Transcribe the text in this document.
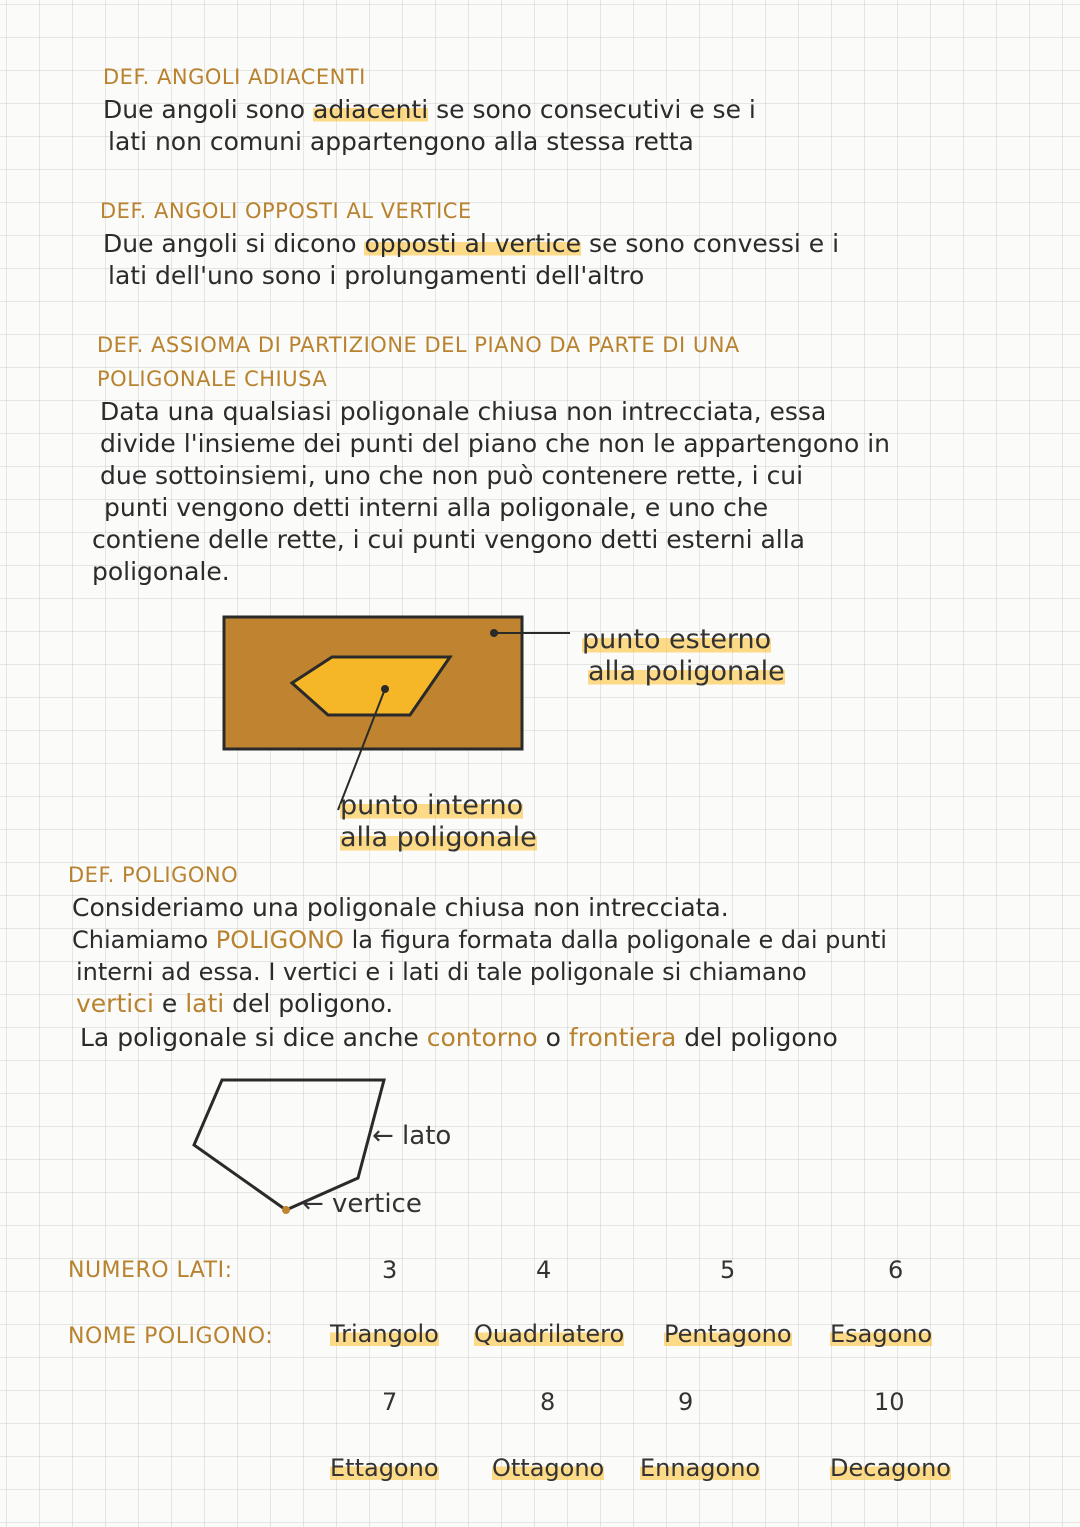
DEF. ANGOLI ADIACENTI
Due angoli sono adiacenti se sono consecutivi e se i
lati non comuni appartengono alla stessa retta
DEF. ANGOLI OPPOSTI AL VERTICE
Due angoli si dicono opposti al vertice se sono convessi e i
lati dell'uno sono i prolungamenti dell'altro
DEF. ASSIOMA DI PARTIZIONE DEL PIANO DA PARTE DI UNA
POLIGONALE CHIUSA
Data una qualsiasi poligonale chiusa non intrecciata, essa
divide l'insieme dei punti del piano che non le appartengono in
due sottoinsiemi, uno che non può contenere rette, i cui
punti vengono detti interni alla poligonale, e uno che
contiene delle rette, i cui punti vengono detti esterni alla
poligonale.
punto esterno
alla poligonale
punto interno
alla poligonale
DEF. POLIGONO
Consideriamo una poligonale chiusa non intrecciata.
Chiamiamo POLIGONO la figura formata dalla poligonale e dai punti
interni ad essa. I vertici e i lati di tale poligonale si chiamano
vertici e lati del poligono.
La poligonale si dice anche contorno o frontiera del poligono
← lato
← vertice
NUMERO LATI:	3	4	5	6
NOME POLIGONO: Triangolo Quadrilatero Pentagono Esagono
7	8	9	10
Ettagono Ottagono Ennagono	Decagono
